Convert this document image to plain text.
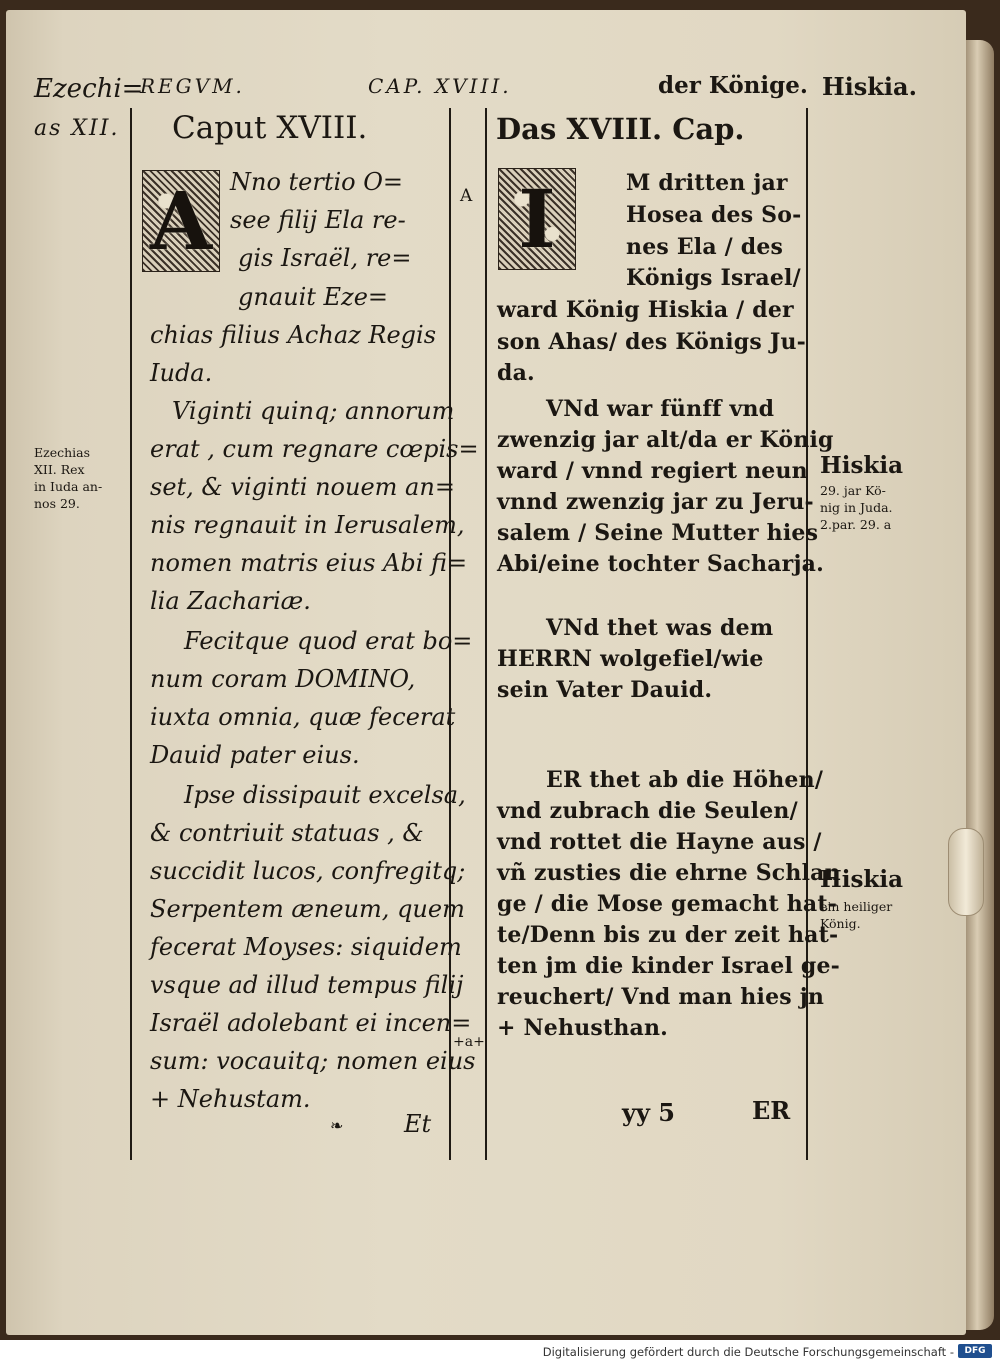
Ezechi=
REGVM.	CAP. XVIII.	der Könige. Hiskia.
as XII.
Ezechias
XII. Rex
in Iuda an-
nos 29.
Caput XVIII.
A Nno tertio O=
see filij Ela re-
gis Israël, re=
gnauit Eze=
chias filius Achaz Regis
Iuda.
Viginti quinq; annorum
erat , cum regnare cœpis=
set, & viginti nouem an=
nis regnauit in Ierusalem,
nomen matris eius Abi fi=
lia Zachariæ.
Fecitque quod erat bo=
num coram DOMINO,
iuxta omnia, quæ fecerat
Dauid pater eius.
Ipse dissipauit excelsa,
& contriuit statuas , &
succidit lucos, confregitq;
Serpentem æneum, quem
fecerat Moyses: siquidem
vsque ad illud tempus filij
Israël adolebant ei incen=
sum: vocauitq; nomen eius
+ Nehustam.
❧	Et
A
+a+
Das XVIII. Cap.
I	M dritten jar
Hosea des So-
nes Ela / des
Königs Israel/
ward König Hiskia / der
son Ahas/ des Königs Ju-
da.
VNd war fünff vnd
zwenzig jar alt/da er König
ward / vnnd regiert neun
vnnd zwenzig jar zu Jeru-
salem / Seine Mutter hies
Abi/eine tochter Sacharja.
VNd thet was dem
HERRN wolgefiel/wie
sein Vater Dauid.
ER thet ab die Höhen/
vnd zubrach die Seulen/
vnd rottet die Hayne aus /
vñ zusties die ehrne Schlan
ge / die Mose gemacht hat-
te/Denn bis zu der zeit hat-
ten jm die kinder Israel ge-
reuchert/ Vnd man hies jn
+ Nehusthan.
yy 5	ER
Hiskia
29. jar Kö-
nig in Juda.
2.par. 29. a
Hiskia
ein heiliger
König.
Digitalisierung gefördert durch die Deutsche Forschungsgemeinschaft -	DFG
